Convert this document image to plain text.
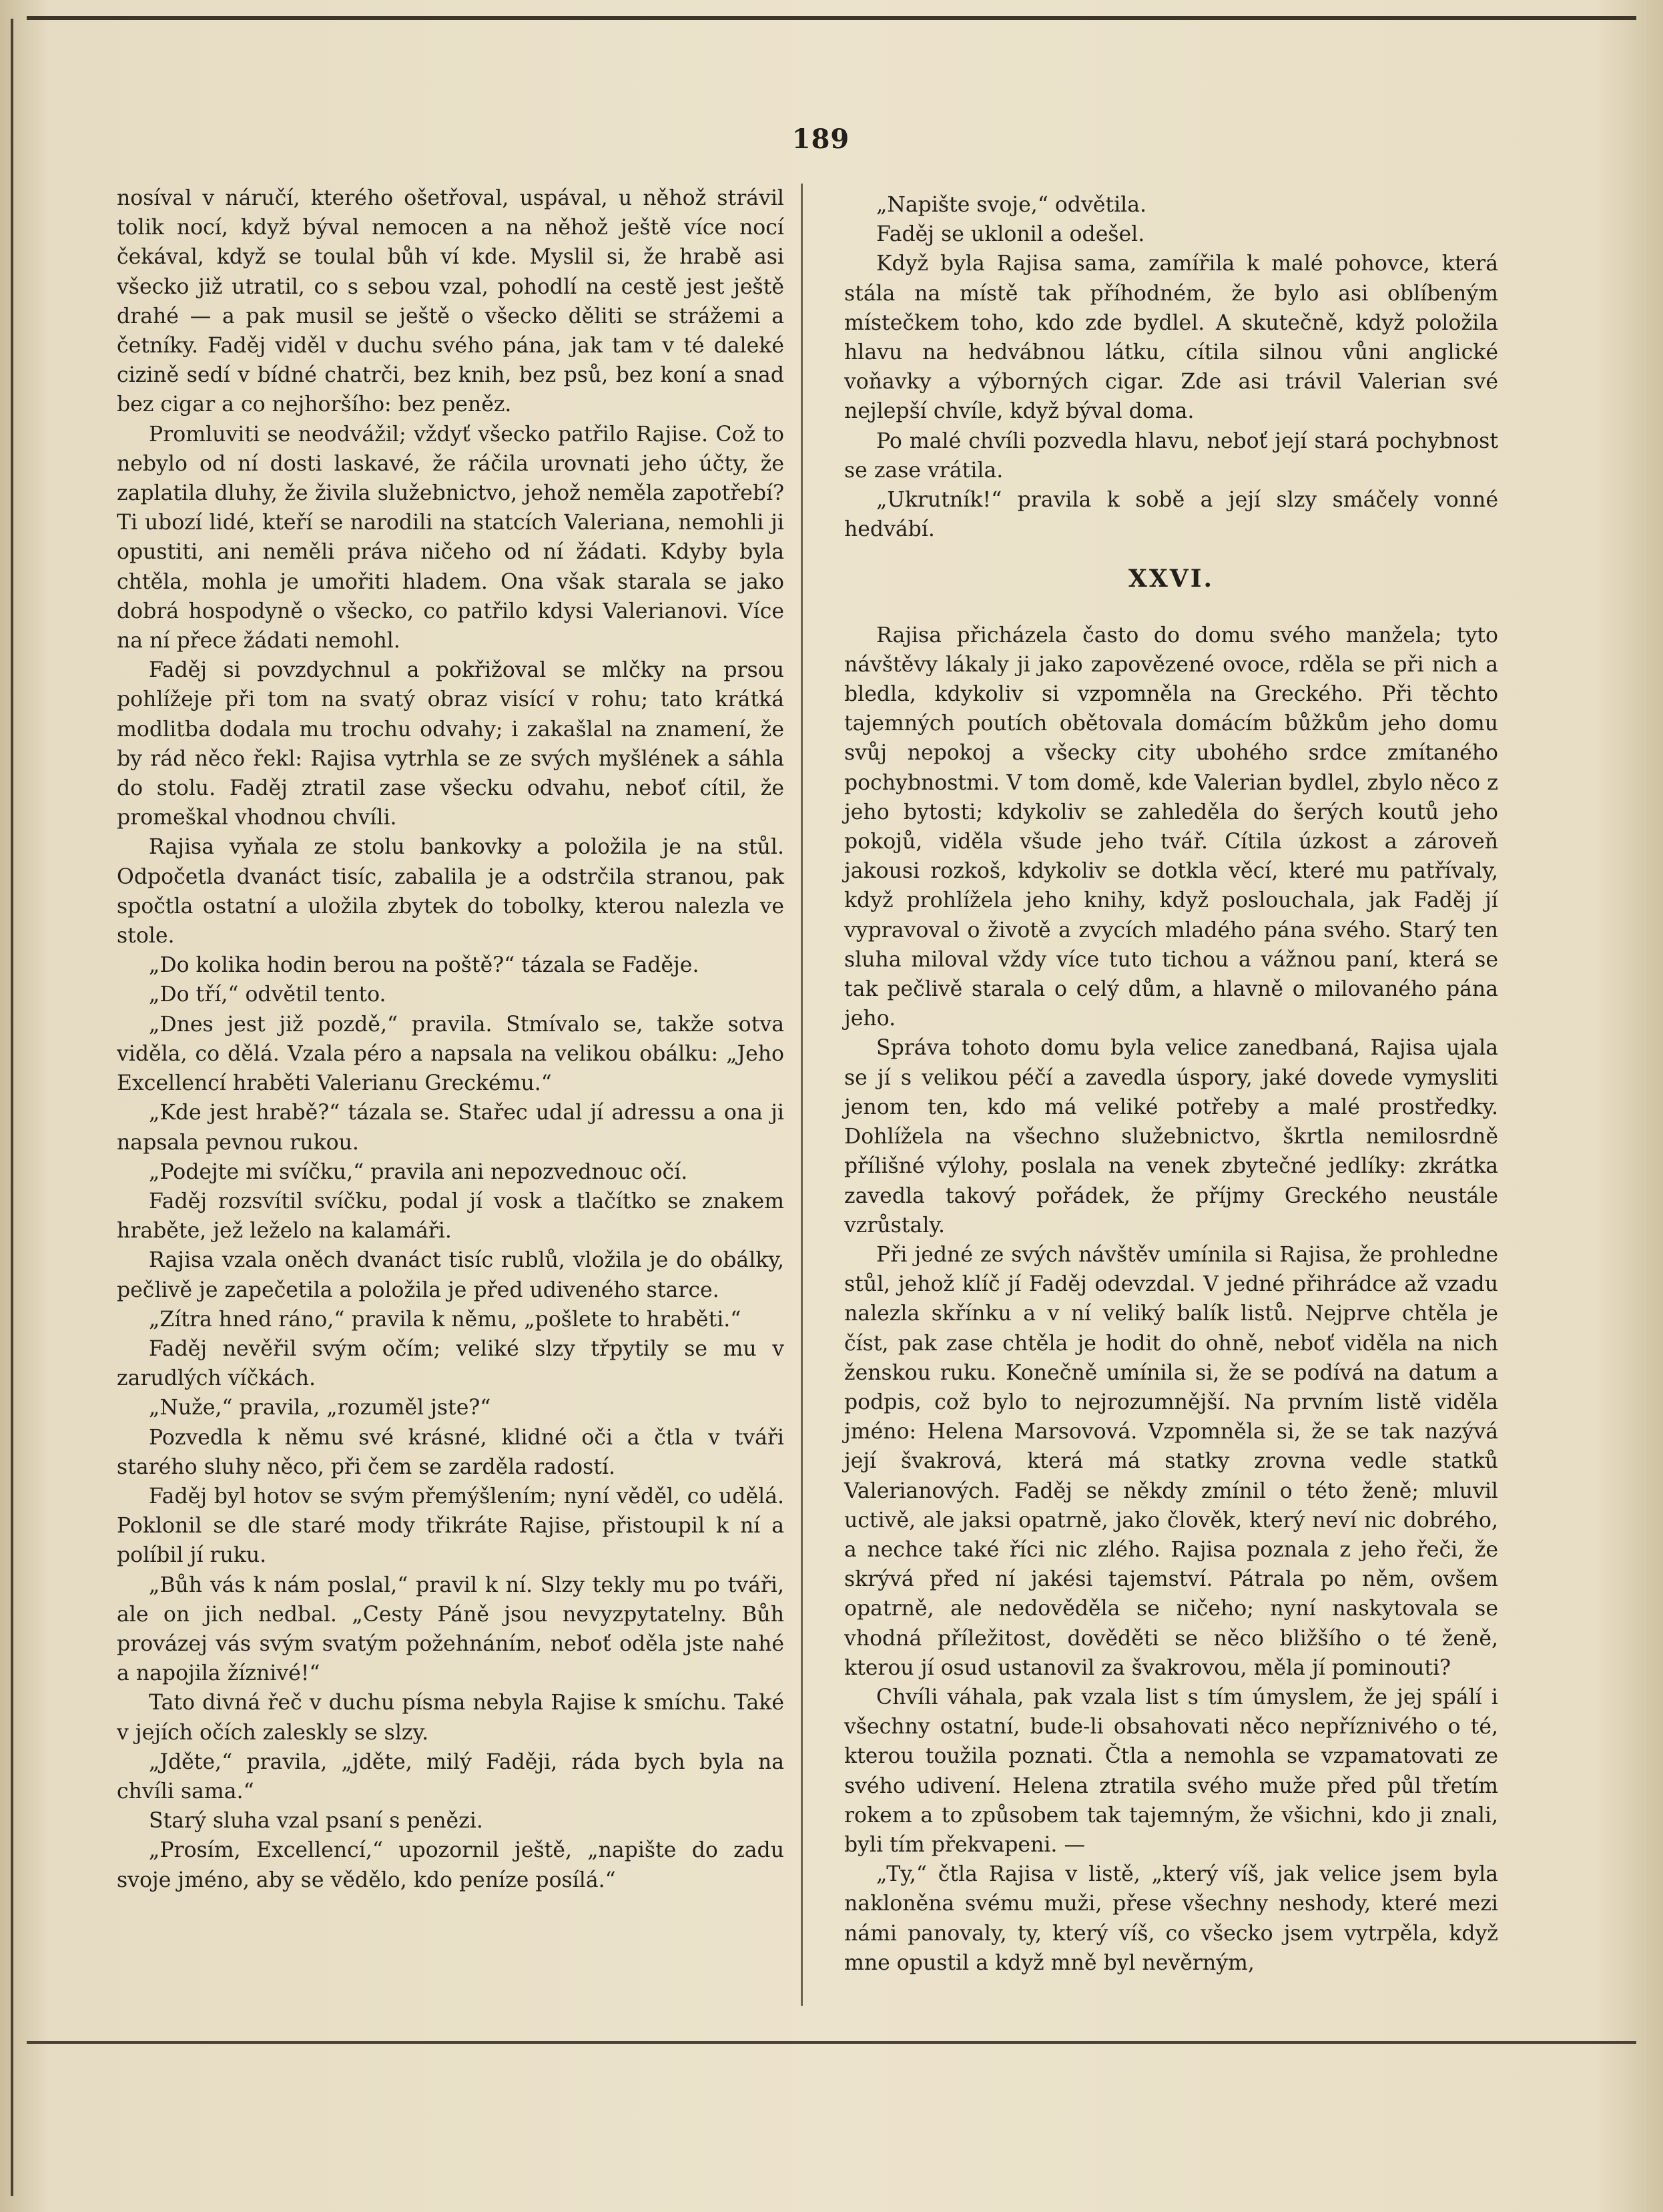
189

nosíval v náručí, kterého ošetřoval, uspával, u něhož strávil tolik nocí, když býval nemocen a na něhož ještě více nocí čekával, když se toulal bůh ví kde. Myslil si, že hrabě asi všecko již utratil, co s sebou vzal, pohodlí na cestě jest ještě drahé — a pak musil se ještě o všecko děliti se strážemi a četníky. Faděj viděl v duchu svého pána, jak tam v té daleké cizině sedí v bídné chatrči, bez knih, bez psů, bez koní a snad bez cigar a co nejhoršího: bez peněz.

Promluviti se neodvážil; vždyť všecko patřilo Rajise. Což to nebylo od ní dosti laskavé, že ráčila urovnati jeho účty, že zaplatila dluhy, že živila služebnictvo, jehož neměla zapotřebí? Ti ubozí lidé, kteří se narodili na statcích Valeriana, nemohli ji opustiti, ani neměli práva ničeho od ní žádati. Kdyby byla chtěla, mohla je umořiti hladem. Ona však starala se jako dobrá hospodyně o všecko, co patřilo kdysi Valerianovi. Více na ní přece žádati nemohl.

Faděj si povzdychnul a pokřižoval se mlčky na prsou pohlížeje při tom na svatý obraz visící v rohu; tato krátká modlitba dodala mu trochu odvahy; i zakašlal na znamení, že by rád něco řekl: Rajisa vytrhla se ze svých myšlének a sáhla do stolu. Faděj ztratil zase všecku odvahu, neboť cítil, že promeškal vhodnou chvíli.

Rajisa vyňala ze stolu bankovky a položila je na stůl. Odpočetla dvanáct tisíc, zabalila je a odstrčila stranou, pak spočtla ostatní a uložila zbytek do tobolky, kterou nalezla ve stole.

„Do kolika hodin berou na poště?“ tázala se Faděje.

„Do tří,“ odvětil tento.

„Dnes jest již pozdě,“ pravila. Stmívalo se, takže sotva viděla, co dělá. Vzala péro a napsala na velikou obálku: „Jeho Excellencí hraběti Valerianu Greckému.“

„Kde jest hrabě?“ tázala se. Stařec udal jí adressu a ona ji napsala pevnou rukou.

„Podejte mi svíčku,“ pravila ani nepozvednouc očí.

Faděj rozsvítil svíčku, podal jí vosk a tlačítko se znakem hraběte, jež leželo na kalamáři.

Rajisa vzala oněch dvanáct tisíc rublů, vložila je do obálky, pečlivě je zapečetila a položila je před udiveného starce.

„Zítra hned ráno,“ pravila k němu, „pošlete to hraběti.“

Faděj nevěřil svým očím; veliké slzy třpytily se mu v zarudlých víčkách.

„Nuže,“ pravila, „rozuměl jste?“

Pozvedla k němu své krásné, klidné oči a čtla v tváři starého sluhy něco, při čem se zarděla radostí.

Faděj byl hotov se svým přemýšlením; nyní věděl, co udělá. Poklonil se dle staré mody třikráte Rajise, přistoupil k ní a políbil jí ruku.

„Bůh vás k nám poslal,“ pravil k ní. Slzy tekly mu po tváři, ale on jich nedbal. „Cesty Páně jsou nevyzpytatelny. Bůh provázej vás svým svatým požehnáním, neboť oděla jste nahé a napojila žíznivé!“

Tato divná řeč v duchu písma nebyla Rajise k smíchu. Také v jejích očích zaleskly se slzy.

„Jděte,“ pravila, „jděte, milý Faději, ráda bych byla na chvíli sama.“

Starý sluha vzal psaní s penězi.

„Prosím, Excellencí,“ upozornil ještě, „napište do zadu svoje jméno, aby se vědělo, kdo peníze posílá.“

„Napište svoje,“ odvětila.

Faděj se uklonil a odešel.

Když byla Rajisa sama, zamířila k malé pohovce, která stála na místě tak příhodném, že bylo asi oblíbeným místečkem toho, kdo zde bydlel. A skutečně, když položila hlavu na hedvábnou látku, cítila silnou vůni anglické voňavky a výborných cigar. Zde asi trávil Valerian své nejlepší chvíle, když býval doma.

Po malé chvíli pozvedla hlavu, neboť její stará pochybnost se zase vrátila.

„Ukrutník!“ pravila k sobě a její slzy smáčely vonné hedvábí.

XXVI.

Rajisa přicházela často do domu svého manžela; tyto návštěvy lákaly ji jako zapovězené ovoce, rděla se při nich a bledla, kdykoliv si vzpomněla na Greckého. Při těchto tajemných poutích obětovala domácím bůžkům jeho domu svůj nepokoj a všecky city ubohého srdce zmítaného pochybnostmi. V tom domě, kde Valerian bydlel, zbylo něco z jeho bytosti; kdykoliv se zahleděla do šerých koutů jeho pokojů, viděla všude jeho tvář. Cítila úzkost a zároveň jakousi rozkoš, kdykoliv se dotkla věcí, které mu patřívaly, když prohlížela jeho knihy, když poslouchala, jak Faděj jí vypravoval o životě a zvycích mladého pána svého. Starý ten sluha miloval vždy více tuto tichou a vážnou paní, která se tak pečlivě starala o celý dům, a hlavně o milovaného pána jeho.

Správa tohoto domu byla velice zanedbaná, Rajisa ujala se jí s velikou péčí a zavedla úspory, jaké dovede vymysliti jenom ten, kdo má veliké potřeby a malé prostředky. Dohlížela na všechno služebnictvo, škrtla nemilosrdně přílišné výlohy, poslala na venek zbytečné jedlíky: zkrátka zavedla takový pořádek, že příjmy Greckého neustále vzrůstaly.

Při jedné ze svých návštěv umínila si Rajisa, že prohledne stůl, jehož klíč jí Faděj odevzdal. V jedné přihrádce až vzadu nalezla skřínku a v ní veliký balík listů. Nejprve chtěla je číst, pak zase chtěla je hodit do ohně, neboť viděla na nich ženskou ruku. Konečně umínila si, že se podívá na datum a podpis, což bylo to nejrozumnější. Na prvním listě viděla jméno: Helena Marsovová. Vzpomněla si, že se tak nazývá její švakrová, která má statky zrovna vedle statků Valerianových. Faděj se někdy zmínil o této ženě; mluvil uctivě, ale jaksi opatrně, jako člověk, který neví nic dobrého, a nechce také říci nic zlého. Rajisa poznala z jeho řeči, že skrývá před ní jakési tajemství. Pátrala po něm, ovšem opatrně, ale nedověděla se ničeho; nyní naskytovala se vhodná příležitost, dověděti se něco bližšího o té ženě, kterou jí osud ustanovil za švakrovou, měla jí pominouti?

Chvíli váhala, pak vzala list s tím úmyslem, že jej spálí i všechny ostatní, bude-li obsahovati něco nepříznivého o té, kterou toužila poznati. Čtla a nemohla se vzpamatovati ze svého udivení. Helena ztratila svého muže před půl třetím rokem a to způsobem tak tajemným, že všichni, kdo ji znali, byli tím překvapeni. —

„Ty,“ čtla Rajisa v listě, „který víš, jak velice jsem byla nakloněna svému muži, přese všechny neshody, které mezi námi panovaly, ty, který víš, co všecko jsem vytrpěla, když mne opustil a když mně byl nevěrným,
